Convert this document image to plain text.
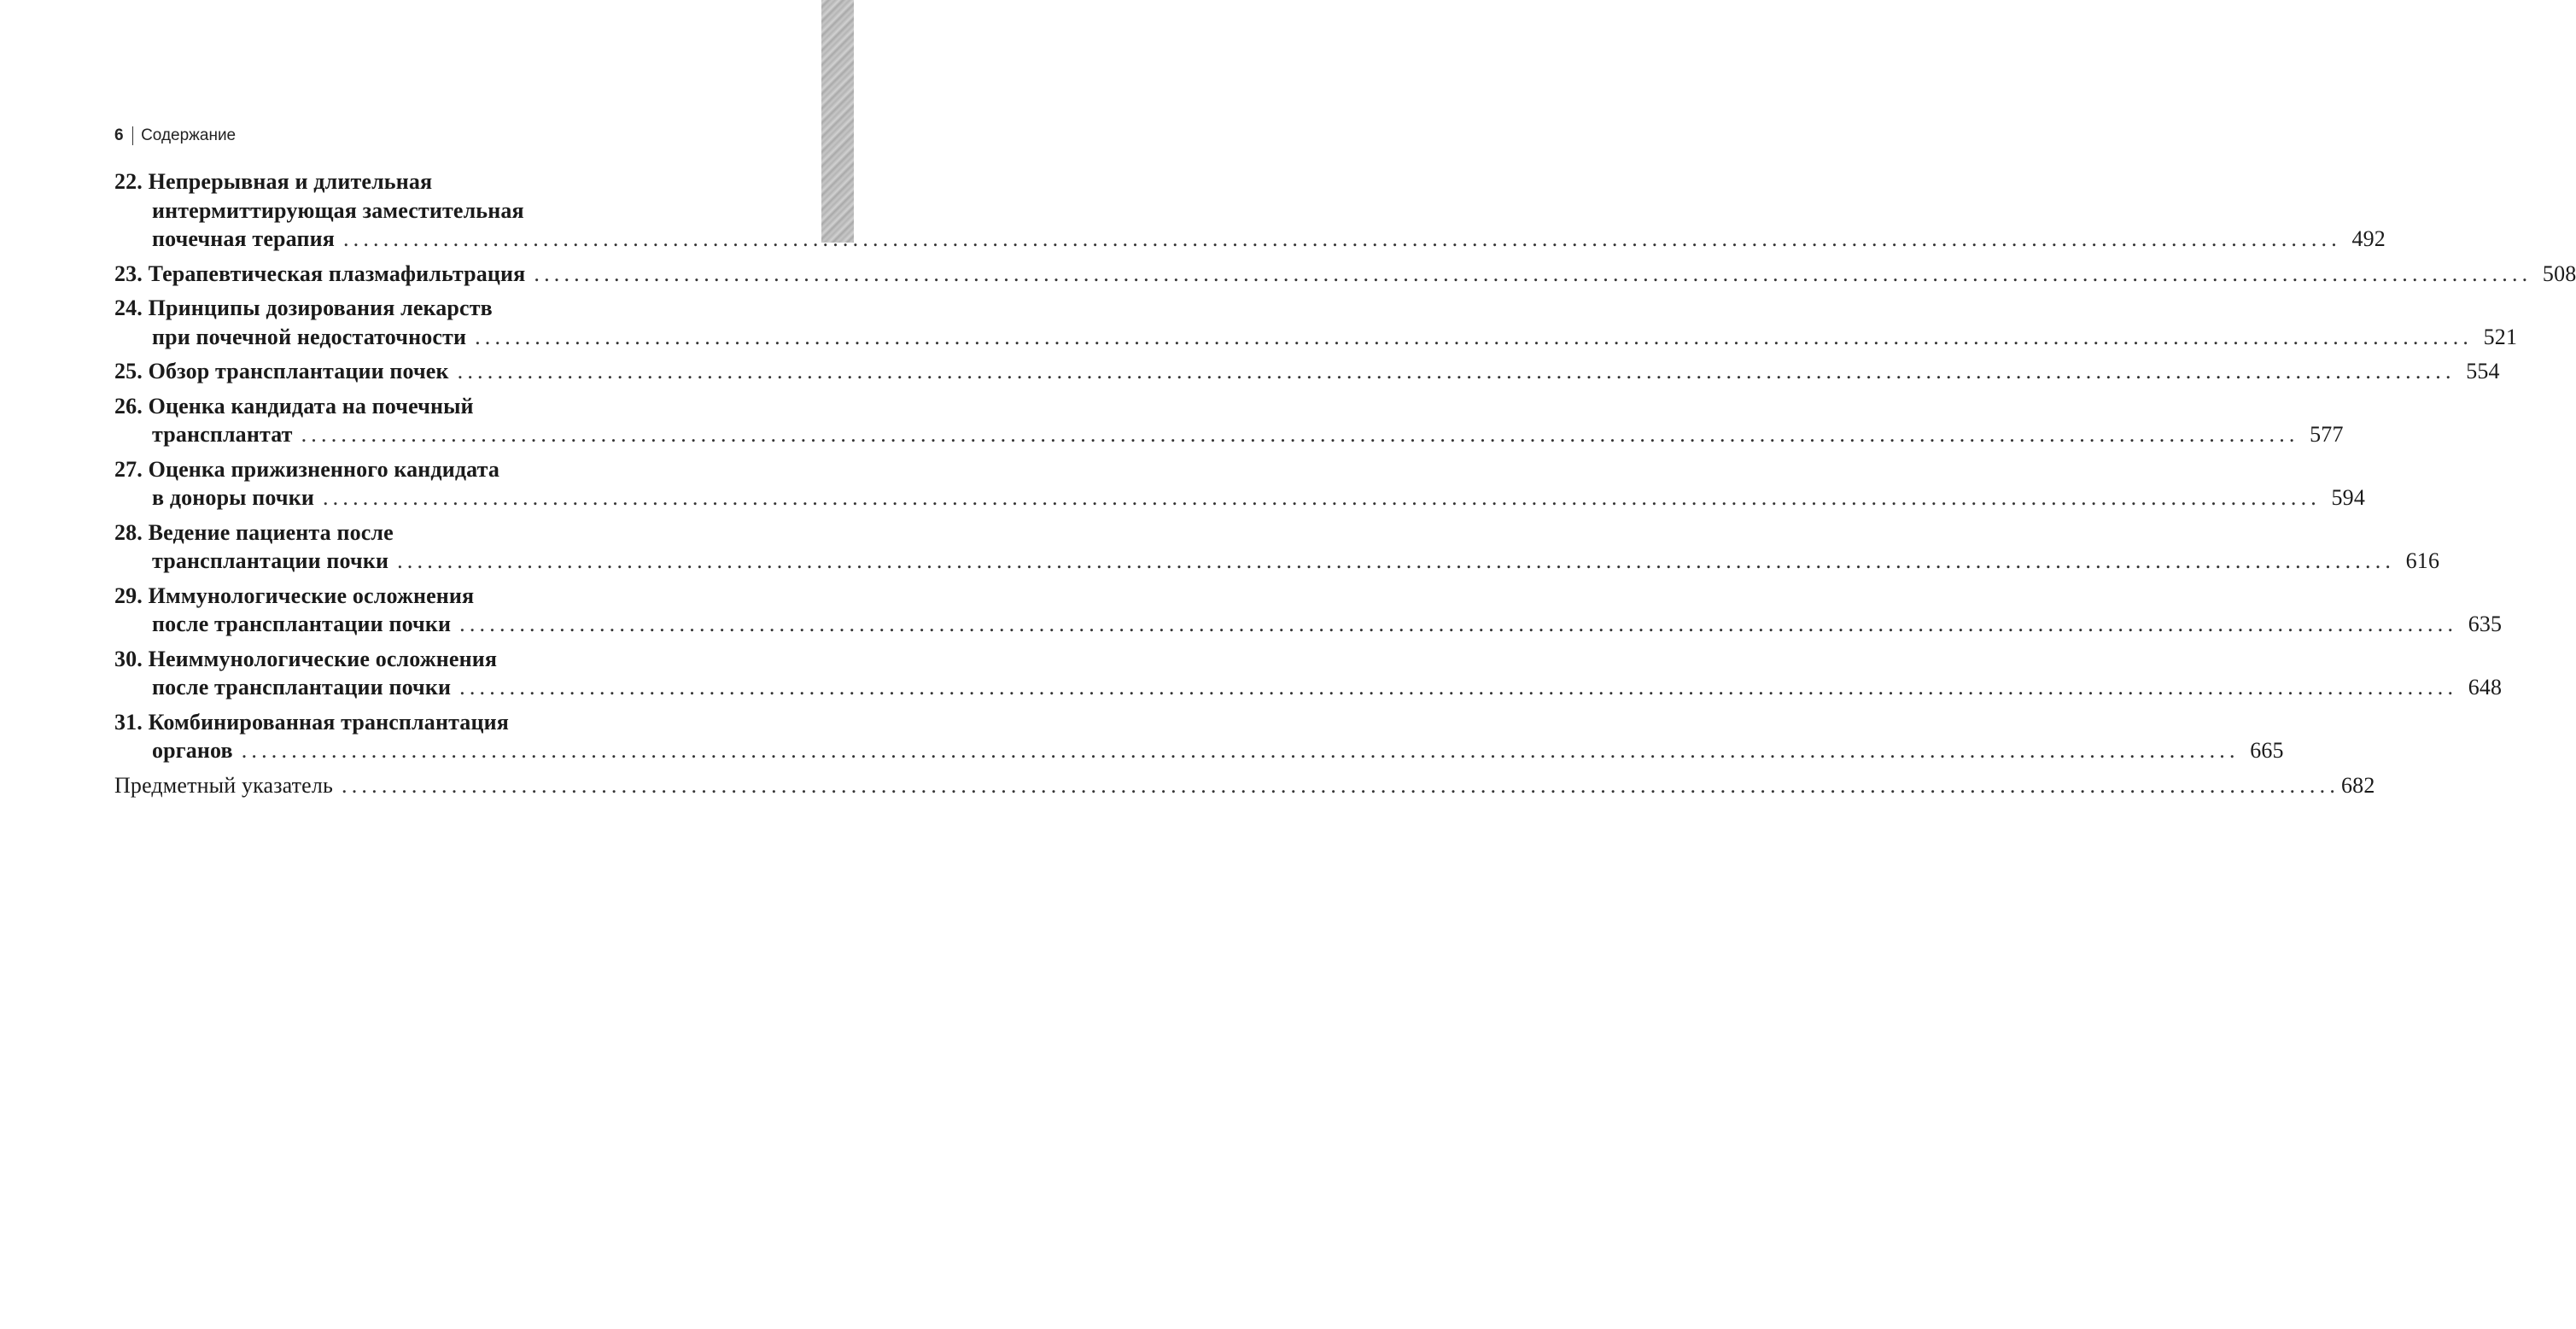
6 Содержание
22. Непрерывная и длительная
интермиттирующая заместительная
почечная терапия ........................................................................................................................................................................................................ 492
23. Терапевтическая плазмафильтрация ........................................................................................................................................................................................................ 508
24. Принципы дозирования лекарств
при почечной недостаточности ........................................................................................................................................................................................................ 521
25. Обзор трансплантации почек ........................................................................................................................................................................................................ 554
26. Оценка кандидата на почечный
трансплантат ........................................................................................................................................................................................................ 577
27. Оценка прижизненного кандидата
в доноры почки ........................................................................................................................................................................................................ 594
28. Ведение пациента после
трансплантации почки ........................................................................................................................................................................................................ 616
29. Иммунологические осложнения
после трансплантации почки ........................................................................................................................................................................................................ 635
30. Неиммунологические осложнения
после трансплантации почки ........................................................................................................................................................................................................ 648
31. Комбинированная трансплантация
органов ........................................................................................................................................................................................................ 665
Предметный указатель ........................................................................................................................................................................................................ 682
